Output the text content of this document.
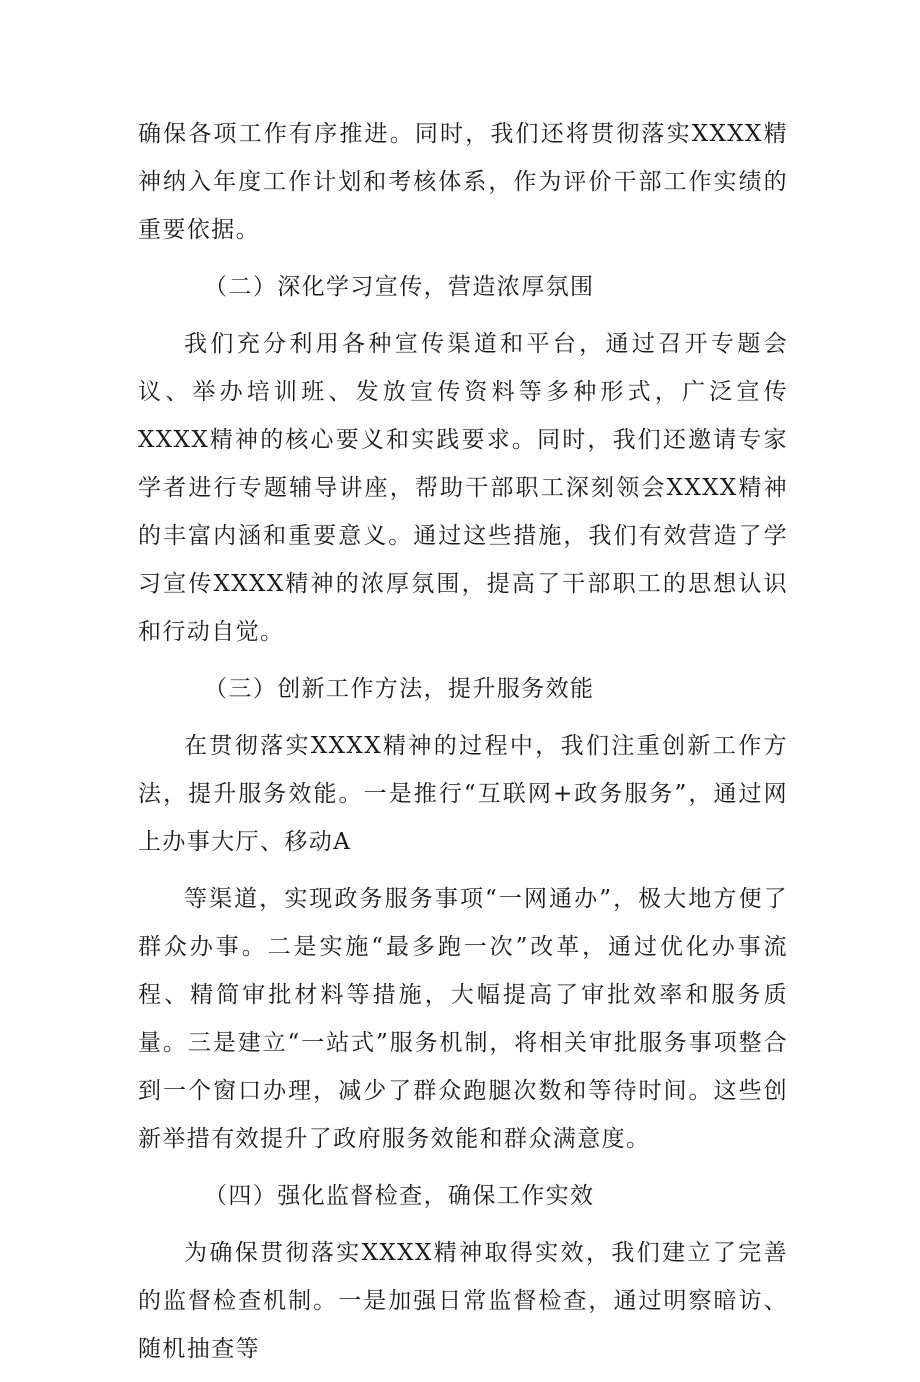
确保各项工作有序推进。同时，我们还将贯彻落实XXXX精神纳入年度工作计划和考核体系，作为评价干部工作实绩的重要依据。

（二）深化学习宣传，营造浓厚氛围

我们充分利用各种宣传渠道和平台，通过召开专题会议、举办培训班、发放宣传资料等多种形式，广泛宣传XXXX精神的核心要义和实践要求。同时，我们还邀请专家学者进行专题辅导讲座，帮助干部职工深刻领会XXXX精神的丰富内涵和重要意义。通过这些措施，我们有效营造了学习宣传XXXX精神的浓厚氛围，提高了干部职工的思想认识和行动自觉。

（三）创新工作方法，提升服务效能

在贯彻落实XXXX精神的过程中，我们注重创新工作方法，提升服务效能。一是推行“互联网+政务服务”，通过网上办事大厅、移动A

等渠道，实现政务服务事项“一网通办”，极大地方便了群众办事。二是实施“最多跑一次”改革，通过优化办事流程、精简审批材料等措施，大幅提高了审批效率和服务质量。三是建立“一站式”服务机制，将相关审批服务事项整合到一个窗口办理，减少了群众跑腿次数和等待时间。这些创新举措有效提升了政府服务效能和群众满意度。

（四）强化监督检查，确保工作实效

为确保贯彻落实XXXX精神取得实效，我们建立了完善的监督检查机制。一是加强日常监督检查，通过明察暗访、随机抽查等
